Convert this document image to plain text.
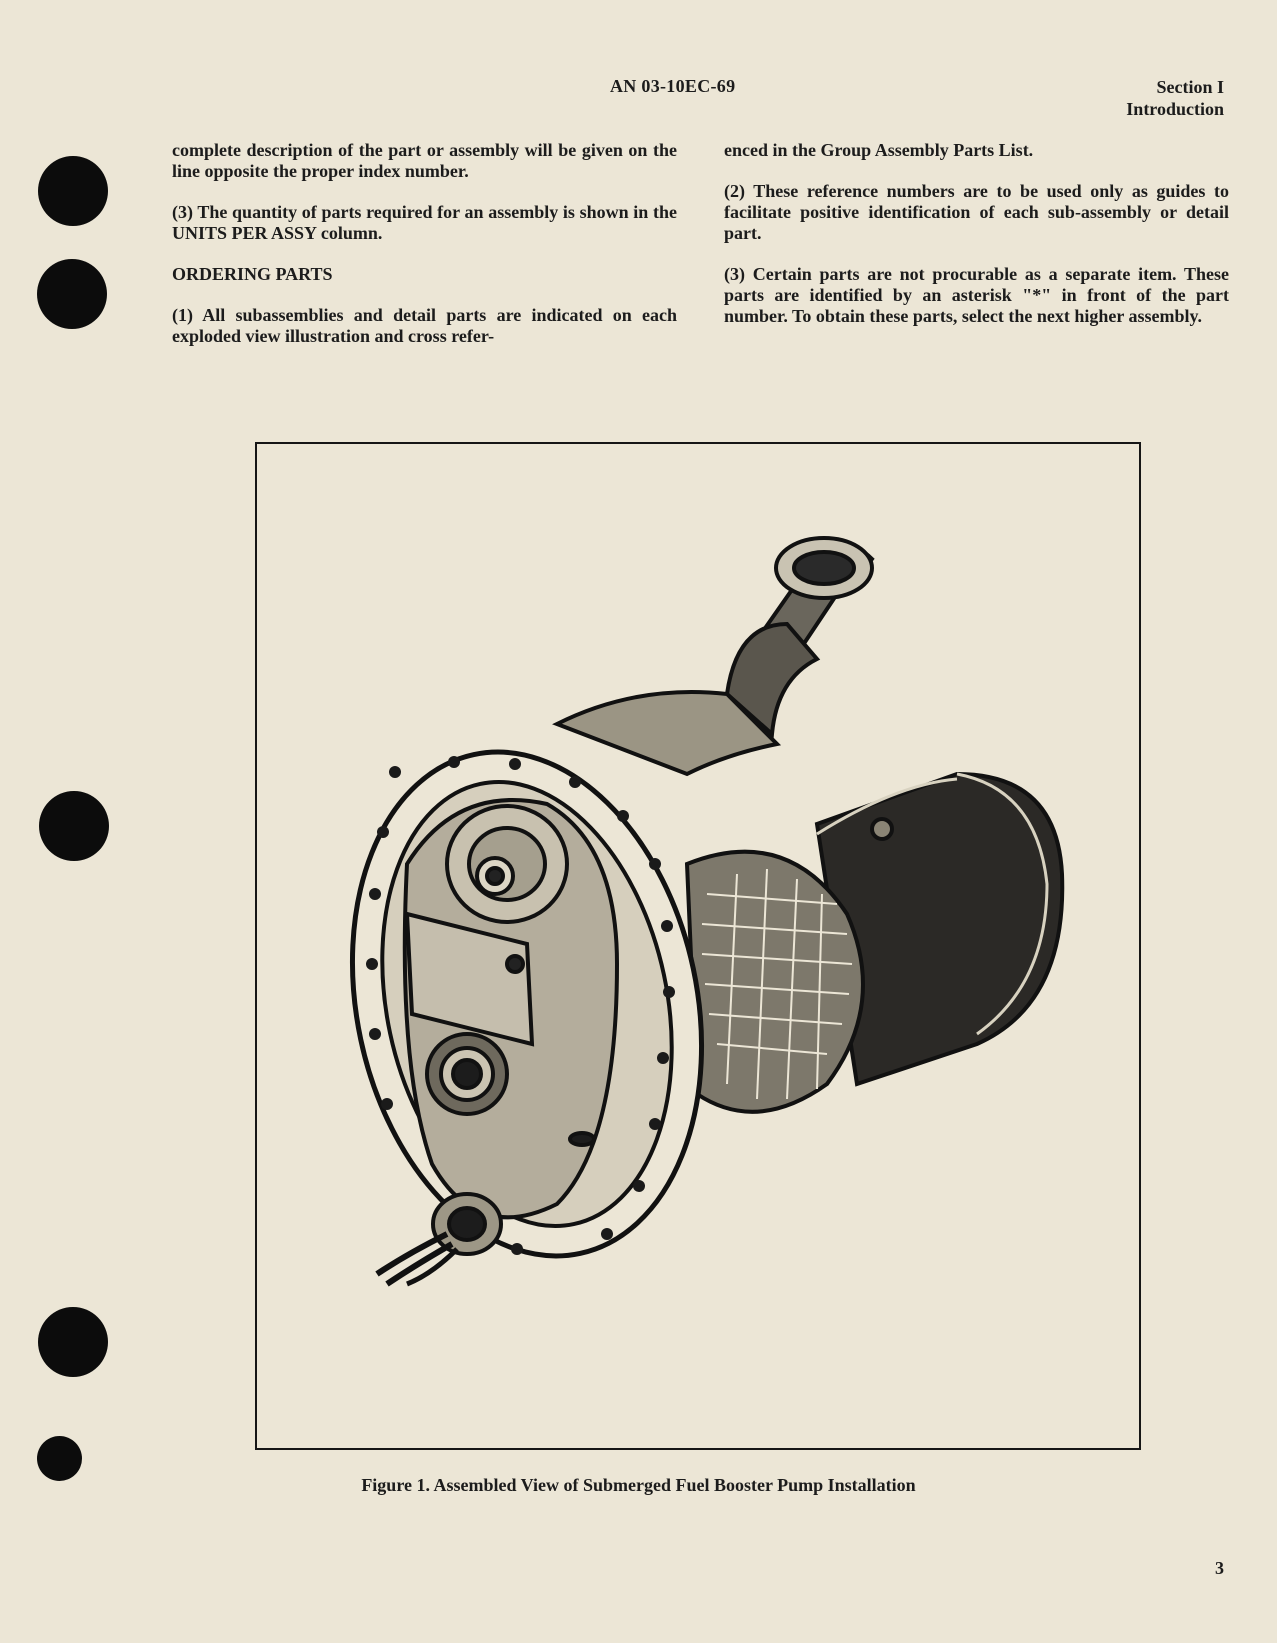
AN 03-10EC-69	Section I
Introduction

complete description of the part or assembly will be given on the line opposite the proper index number.

(3) The quantity of parts required for an assembly is shown in the UNITS PER ASSY column.

ORDERING PARTS

(1) All subassemblies and detail parts are indicated on each exploded view illustration and cross refer-

enced in the Group Assembly Parts List.

(2) These reference numbers are to be used only as guides to facilitate positive identification of each sub-assembly or detail part.

(3) Certain parts are not procurable as a separate item. These parts are identified by an asterisk "*" in front of the part number. To obtain these parts, select the next higher assembly.

Figure 1. Assembled View of Submerged Fuel Booster Pump Installation
3
